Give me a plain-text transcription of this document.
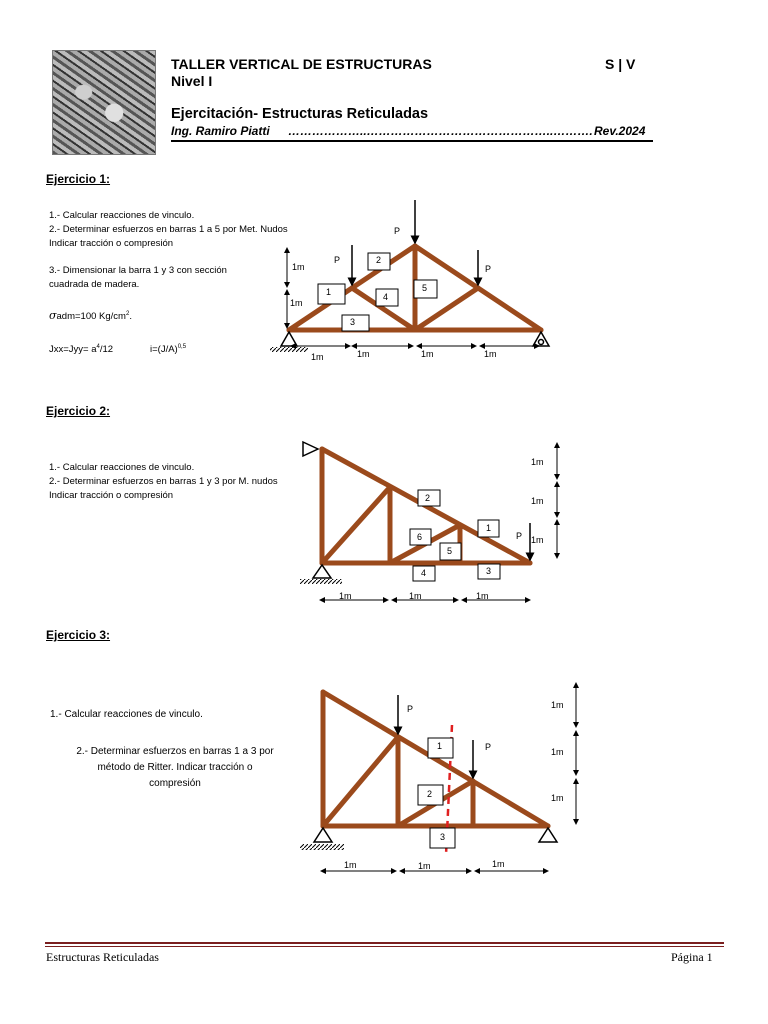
TALLER VERTICAL DE ESTRUCTURAS	S | V
Nivel I
Ejercitación- Estructuras Reticuladas
Ing. Ramiro Piatti ………………..………………………………………..………. Rev.2024
Ejercicio 1:
1.- Calcular reacciones de vinculo.
2.- Determinar esfuerzos en barras 1 a 5 por Met. Nudos
Indicar tracción o compresión
3.- Dimensionar la barra 1 y 3 con sección
cuadrada de madera.
σadm=100 $Kg/cm^2$.
$Jxx=Jyy= a^4/12$	$i=(J/A)^{0,5}$
Ejercicio 2:
1.- Calcular reacciones de vinculo.
2.- Determinar esfuerzos en barras 1 y 3 por M. nudos
Indicar tracción o compresión
Ejercicio 3:
1.- Calcular reacciones de vinculo.
2.- Determinar esfuerzos en barras 1 a 3 por
método de Ritter. Indicar tracción o
compresión
1
2
3
4
5
P
P
P
1m
1m
1m	1m	1m	1m
2
1
6
5
4	3
P
1m
1m
1m
1m	1m	1m
1
2
3
P
P
1m
1m
1m
1m	1m	1m
Estructuras Reticuladas	Página 1
